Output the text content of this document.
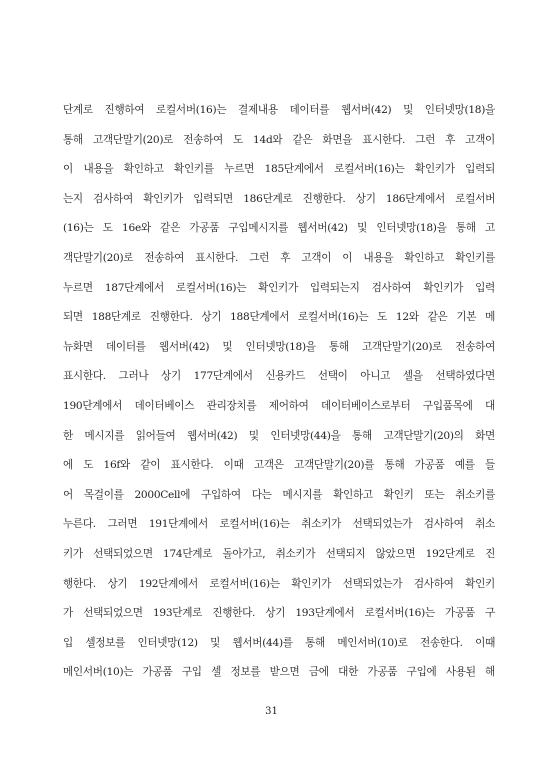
단계로 진행하여 로컬서버(16)는 결제내용 데이터를 웹서버(42) 및 인터넷망(18)을
통해 고객단말기(20)로 전송하여 도 14d와 같은 화면을 표시한다. 그런 후 고객이
이 내용을 확인하고 확인키를 누르면 185단계에서 로컬서버(16)는 확인키가 입력되
는지 검사하여 확인키가 입력되면 186단계로 진행한다. 상기 186단계에서 로컬서버
(16)는 도 16e와 같은 가공품 구입메시지를 웹서버(42) 및 인터넷망(18)을 통해 고
객단말기(20)로 전송하여 표시한다. 그런 후 고객이 이 내용을 확인하고 확인키를
누르면 187단계에서 로컬서버(16)는 확인키가 입력되는지 검사하여 확인키가 입력
되면 188단계로 진행한다. 상기 188단계에서 로컬서버(16)는 도 12와 같은 기본 메
뉴화면 데이터를 웹서버(42) 및 인터넷망(18)을 통해 고객단말기(20)로 전송하여
표시한다. 그러나 상기 177단계에서 신용카드 선택이 아니고 셀을 선택하였다면
190단계에서 데이터베이스 관리장치를 제어하여 데이터베이스로부터 구입품목에 대
한 메시지를 읽어들여 웹서버(42) 및 인터넷망(44)을 통해 고객단말기(20)의 화면
에 도 16f와 같이 표시한다. 이때 고객은 고객단말기(20)를 통해 가공품 예를 들
어 목걸이를 2000Cell에 구입하여 다는 메시지를 확인하고 확인키 또는 취소키를
누른다. 그러면 191단계에서 로컬서버(16)는 취소키가 선택되었는가 검사하여 취소
키가 선택되었으면 174단계로 돌아가고, 취소키가 선택되지 않았으면 192단계로 진
행한다. 상기 192단계에서 로컬서버(16)는 확인키가 선택되었는가 검사하여 확인키
가 선택되었으면 193단계로 진행한다. 상기 193단계에서 로컬서버(16)는 가공품 구
입 셀정보를 인터넷망(12) 및 웹서버(44)를 통해 메인서버(10)로 전송한다. 이때
메인서버(10)는 가공품 구입 셀 정보를 받으면 금에 대한 가공품 구입에 사용된 해
31
